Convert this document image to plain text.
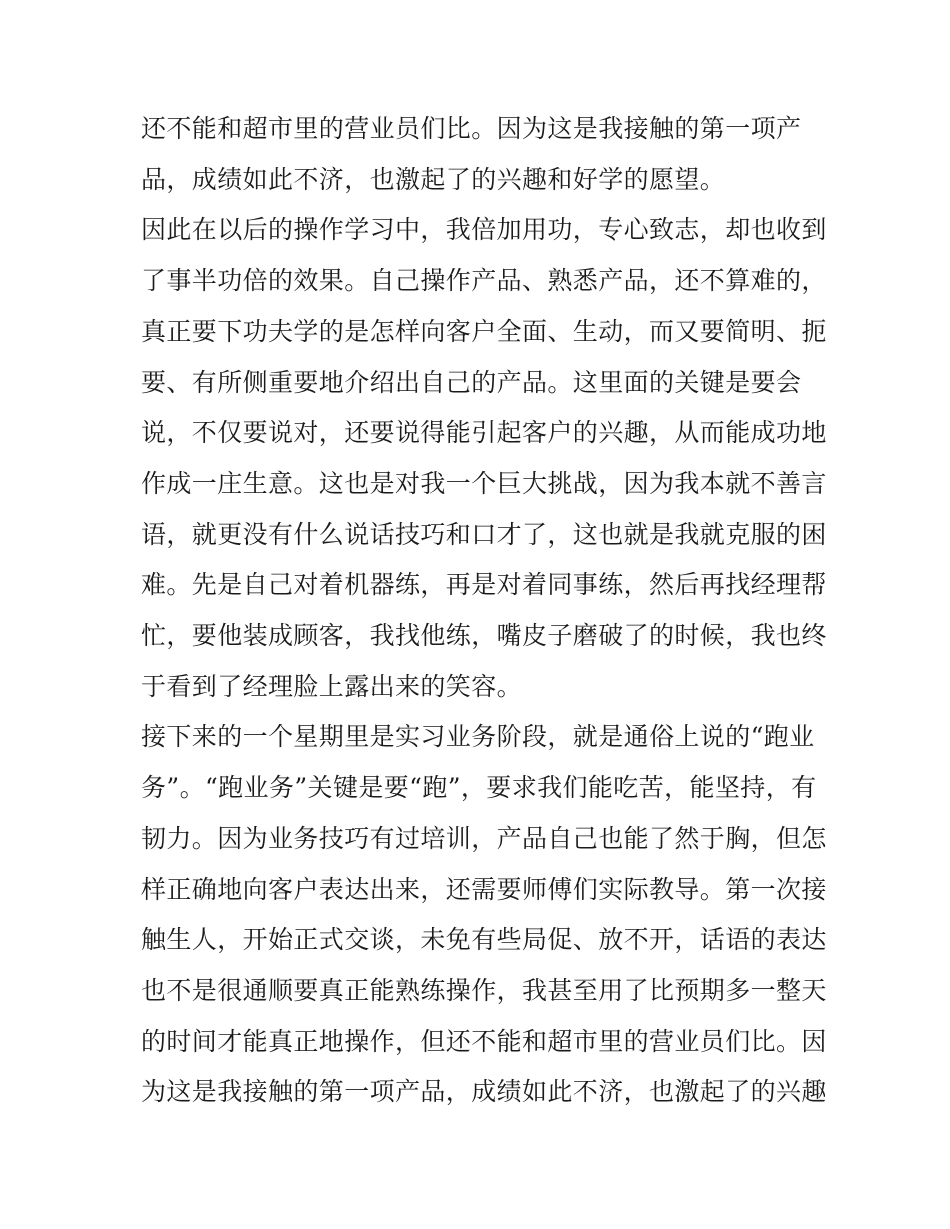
还不能和超市里的营业员们比。因为这是我接触的第一项产
品，成绩如此不济，也激起了的兴趣和好学的愿望。
因此在以后的操作学习中，我倍加用功，专心致志，却也收到
了事半功倍的效果。自己操作产品、熟悉产品，还不算难的，
真正要下功夫学的是怎样向客户全面、生动，而又要简明、扼
要、有所侧重要地介绍出自己的产品。这里面的关键是要会
说，不仅要说对，还要说得能引起客户的兴趣，从而能成功地
作成一庄生意。这也是对我一个巨大挑战，因为我本就不善言
语，就更没有什么说话技巧和口才了，这也就是我就克服的困
难。先是自己对着机器练，再是对着同事练，然后再找经理帮
忙，要他装成顾客，我找他练，嘴皮子磨破了的时候，我也终
于看到了经理脸上露出来的笑容。
接下来的一个星期里是实习业务阶段，就是通俗上说的“跑业
务”。“跑业务”关键是要“跑”，要求我们能吃苦，能坚持，有
韧力。因为业务技巧有过培训，产品自己也能了然于胸，但怎
样正确地向客户表达出来，还需要师傅们实际教导。第一次接
触生人，开始正式交谈，未免有些局促、放不开，话语的表达
也不是很通顺要真正能熟练操作，我甚至用了比预期多一整天
的时间才能真正地操作，但还不能和超市里的营业员们比。因
为这是我接触的第一项产品，成绩如此不济，也激起了的兴趣
